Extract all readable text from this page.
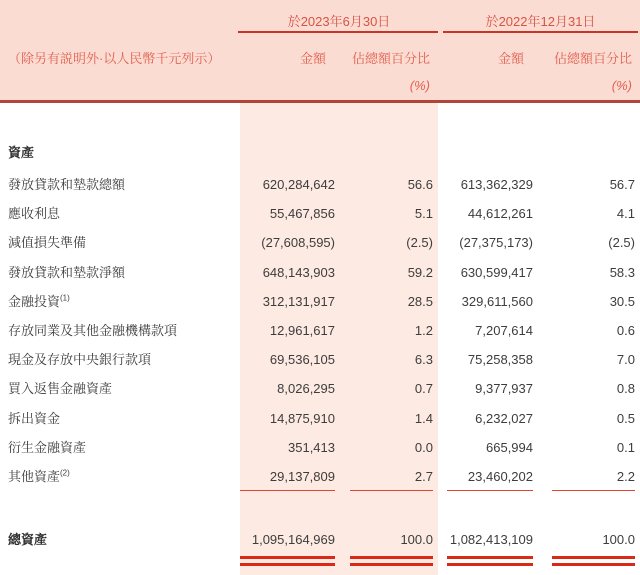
於2023年6月30日	於2022年12月31日
（除另有説明外·以人民幣千元列示）	金額	佔總額百分比	金額	佔總額百分比
(%)	(%)
資產
發放貸款和墊款總額	620,284,642	56.6	613,362,329	56.7
應收利息	55,467,856	5.1	44,612,261	4.1
減值損失準備	(27,608,595)	(2.5)	(27,375,173)	(2.5)
發放貸款和墊款淨額	648,143,903	59.2	630,599,417	58.3
金融投資$^{(1)}$	312,131,917	28.5	329,611,560	30.5
存放同業及其他金融機構款項	12,961,617	1.2	7,207,614	0.6
現金及存放中央銀行款項	69,536,105	6.3	75,258,358	7.0
買入返售金融資產	8,026,295	0.7	9,377,937	0.8
拆出資金	14,875,910	1.4	6,232,027	0.5
衍生金融資產	351,413	0.0	665,994	0.1
其他資產$^{(2)}$	29,137,809	2.7	23,460,202	2.2
總資產	1,095,164,969	100.0 1,082,413,109	100.0
